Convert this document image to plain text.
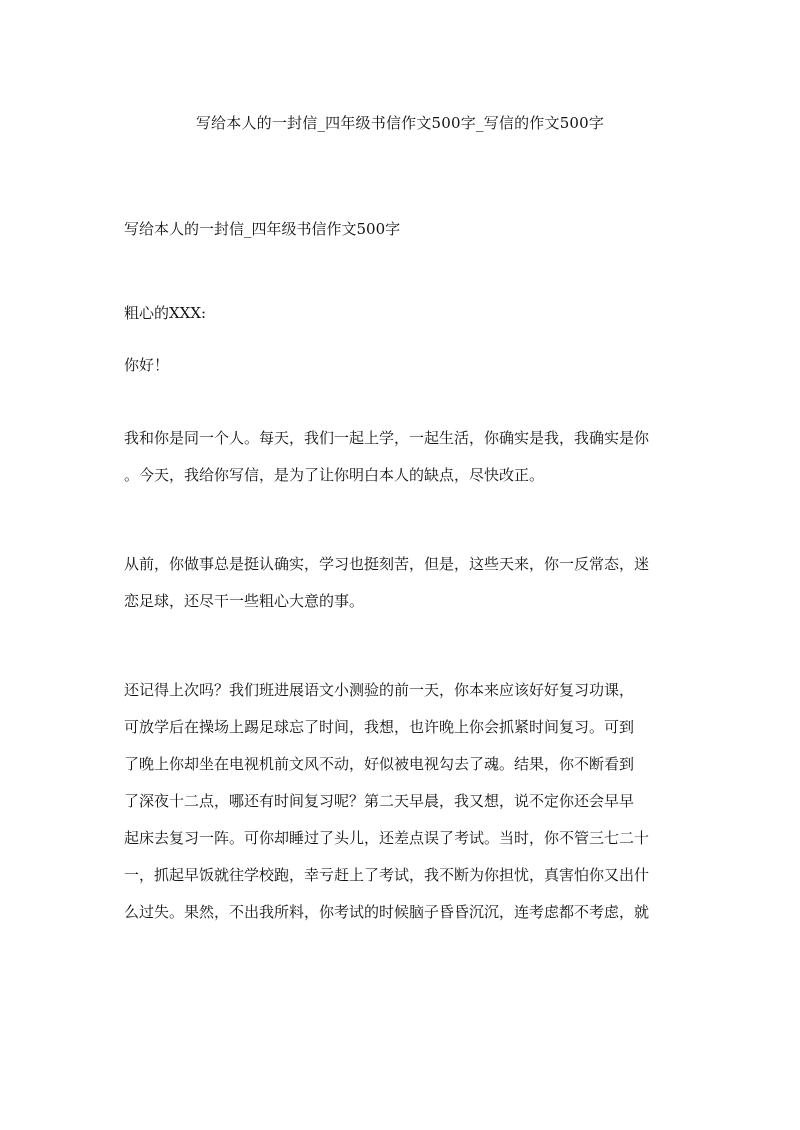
写给本人的一封信_四年级书信作文500字_写信的作文500字
写给本人的一封信_四年级书信作文500字
粗心的XXX:
你好！
我和你是同一个人。每天，我们一起上学，一起生活，你确实是我，我确实是你
。今天，我给你写信，是为了让你明白本人的缺点，尽快改正。
从前，你做事总是挺认确实，学习也挺刻苦，但是，这些天来，你一反常态，迷
恋足球，还尽干一些粗心大意的事。
还记得上次吗？我们班进展语文小测验的前一天，你本来应该好好复习功课，
可放学后在操场上踢足球忘了时间，我想，也许晚上你会抓紧时间复习。可到
了晚上你却坐在电视机前文风不动，好似被电视勾去了魂。结果，你不断看到
了深夜十二点，哪还有时间复习呢？第二天早晨，我又想，说不定你还会早早
起床去复习一阵。可你却睡过了头儿，还差点误了考试。当时，你不管三七二十
一，抓起早饭就往学校跑，幸亏赶上了考试，我不断为你担忧，真害怕你又出什
么过失。果然，不出我所料，你考试的时候脑子昏昏沉沉，连考虑都不考虑，就
